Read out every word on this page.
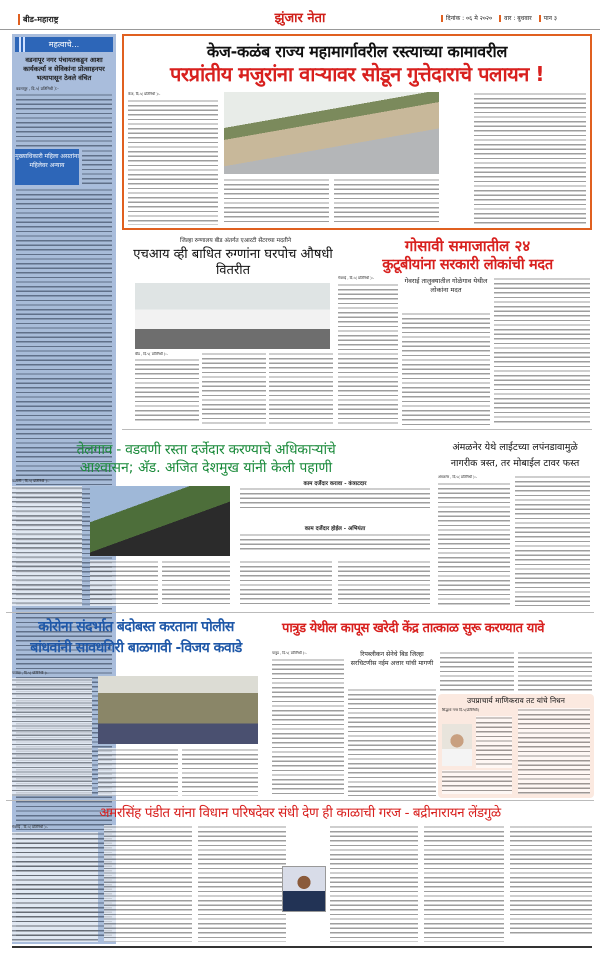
बीड-महाराष्ट्र	झुंजार नेता	दिनांक : ०६ मे २०२० वार : बुधवार पान ३
महत्वाचे...
वडनापूर नगर पंचायतकडून आशा कार्यकर्त्या व सेविकांना प्रोत्साहनपर भत्यापासून ठेवले वंचित
वडनापूर , दि.५( प्रतिनिधी ):-
मुख्याधिकारी महिला असतांना महिलेवर अन्याय
केज-कळंब राज्य महामार्गावरील रस्त्याच्या कामावरील
परप्रांतीय मजुरांना वाऱ्यावर सोडून गुत्तेदाराचे पलायन !
केज, दि.५( प्रतिनिधी ):-
जिल्हा रुग्णालय बीड अंतर्गत एआरटी सेंटरच्या मदतीने
एचआय व्ही बाधित रुग्णांना घरपोच औषधी वितरीत
बीड , दि.५( प्रतिनिधी ):-
गोसावी समाजातील २४
कुटूबीयांना सरकारी लोकांची मदत
गेवराई , दि.५( प्रतिनिधी ):-	गेवराई तालुक्यातील गोळेगाव येथील लोकांना मदत
तेलगाव - वडवणी रस्ता दर्जेदार करण्याचे अधिकाऱ्यांचे
आश्वासन; अ‍ॅड. अजित देशमुख यांनी केली पहाणी
वडवणी , दि.५( प्रतिनिधी ):-	काम दर्जेदार करावा - कंत्राटदार
काम दर्जेदार होईल - अभियंता
अंमळनेर येथे लाईटच्या लपंनडावामुळे
नागरीक त्रस्त, तर मोबाईल टावर फस्त
अंमळनेर , दि.५( प्रतिनिधी ):-
कोरोना संदर्भात बंदोबस्त करताना पोलीस
बांधवांनी सावधगिरी बाळगावी -विजय कवाडे
पाटोदा , दि.५( प्रतिनिधी ):-
पात्रुड येथील कापूस खरेदी केंद्र तात्काळ सुरू करण्यात यावे
पात्रुड , दि.५( प्रतिनिधी ):-	रिपब्लीकन सेनेचे बिड जिल्हा सरचिटणीस नईम अत्तार यांची मागणी
उपप्राचार्य माणिकराव तट यांचे निधन
सिद्धार्थ नगर दि.५(प्रतिनिधी)
अमरसिंह पंडीत यांना विधान परिषदेवर संधी देण ही काळाची गरज - बद्रीनारायन लेंडगुळे
गेवराई , दि.५( प्रतिनिधी ):-
